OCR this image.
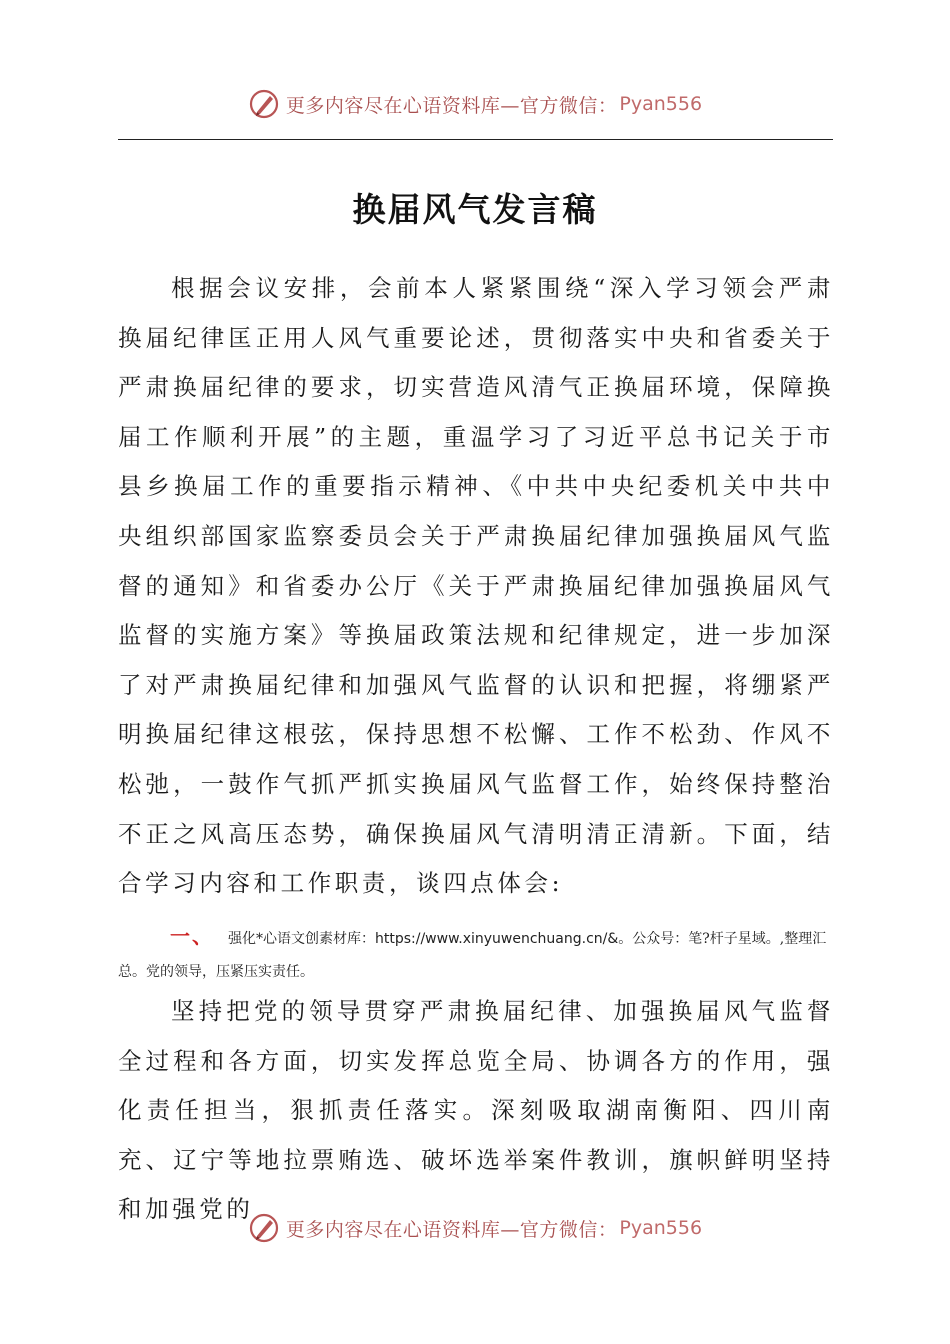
更多内容尽在心语资料库—官方微信： Pyan556
换届风气发言稿

根据会议安排，会前本人紧紧围绕“深入学习领会严肃换届纪律匡正用人风气重要论述，贯彻落实中央和省委关于严肃换届纪律的要求，切实营造风清气正换届环境，保障换届工作顺利开展”的主题，重温学习了习近平总书记关于市县乡换届工作的重要指示精神、《中共中央纪委机关中共中央组织部国家监察委员会关于严肃换届纪律加强换届风气监督的通知》和省委办公厅《关于严肃换届纪律加强换届风气监督的实施方案》等换届政策法规和纪律规定，进一步加深了对严肃换届纪律和加强风气监督的认识和把握，将绷紧严明换届纪律这根弦，保持思想不松懈、工作不松劲、作风不松弛，一鼓作气抓严抓实换届风气监督工作，始终保持整治不正之风高压态势，确保换届风气清明清正清新。下面，结合学习内容和工作职责，谈四点体会:

一、 强化*心语文创素材库：https://www.xinyuwenchuang.cn/&。公众号：笔?杆子星域。,整理汇总。党的领导，压紧压实责任。

坚持把党的领导贯穿严肃换届纪律、加强换届风气监督全过程和各方面，切实发挥总览全局、协调各方的作用，强化责任担当，狠抓责任落实。深刻吸取湖南衡阳、四川南充、辽宁等地拉票贿选、破坏选举案件教训，旗帜鲜明坚持和加强党的

更多内容尽在心语资料库—官方微信： Pyan556
